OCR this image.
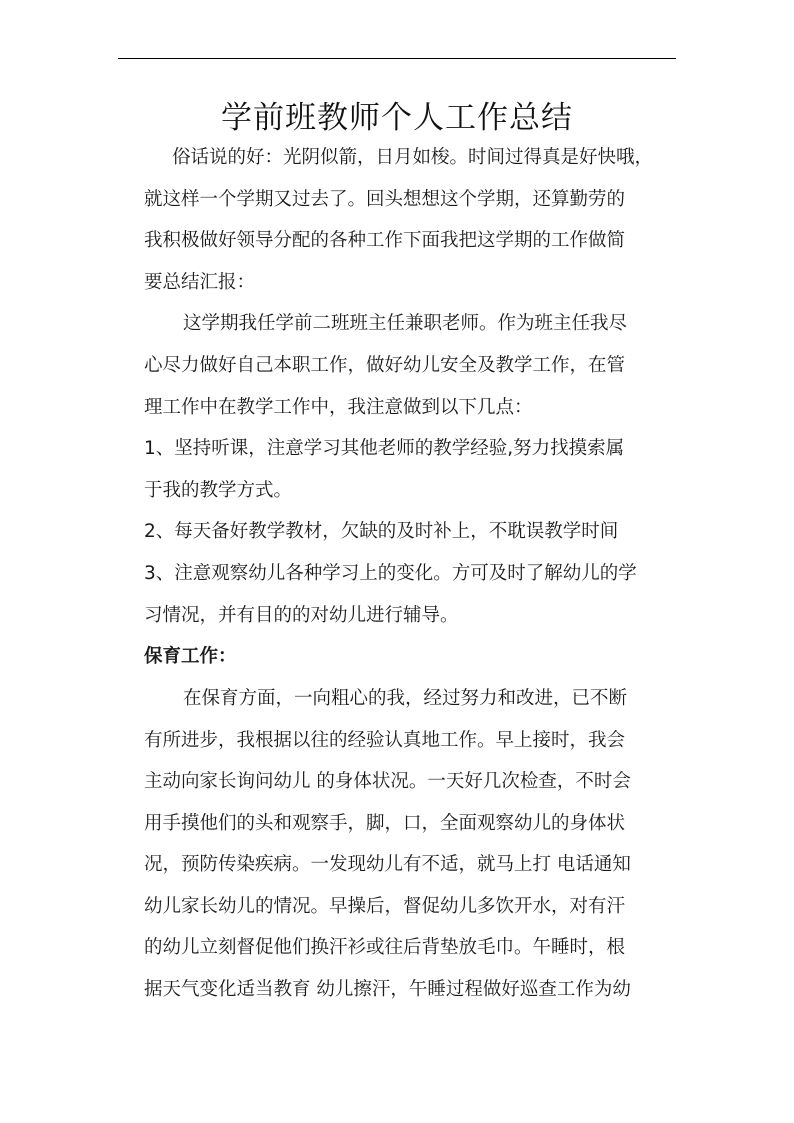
学前班教师个人工作总结
俗话说的好：光阴似箭，日月如梭。时间过得真是好快哦，
就这样一个学期又过去了。回头想想这个学期，还算勤劳的
我积极做好领导分配的各种工作下面我把这学期的工作做简
要总结汇报：
这学期我任学前二班班主任兼职老师。作为班主任我尽
心尽力做好自己本职工作，做好幼儿安全及教学工作，在管
理工作中在教学工作中，我注意做到以下几点：
1、坚持听课，注意学习其他老师的教学经验,努力找摸索属
于我的教学方式。
2、每天备好教学教材，欠缺的及时补上，不耽误教学时间
3、注意观察幼儿各种学习上的变化。方可及时了解幼儿的学
习情况，并有目的的对幼儿进行辅导。
保育工作：
在保育方面，一向粗心的我，经过努力和改进，已不断
有所进步，我根据以往的经验认真地工作。早上接时，我会
主动向家长询问幼儿 的身体状况。一天好几次检查，不时会
用手摸他们的头和观察手，脚，口，全面观察幼儿的身体状
况，预防传染疾病。一发现幼儿有不适，就马上打 电话通知
幼儿家长幼儿的情况。早操后，督促幼儿多饮开水，对有汗
的幼儿立刻督促他们换汗衫或往后背垫放毛巾。午睡时，根
据天气变化适当教育 幼儿擦汗，午睡过程做好巡查工作为幼
